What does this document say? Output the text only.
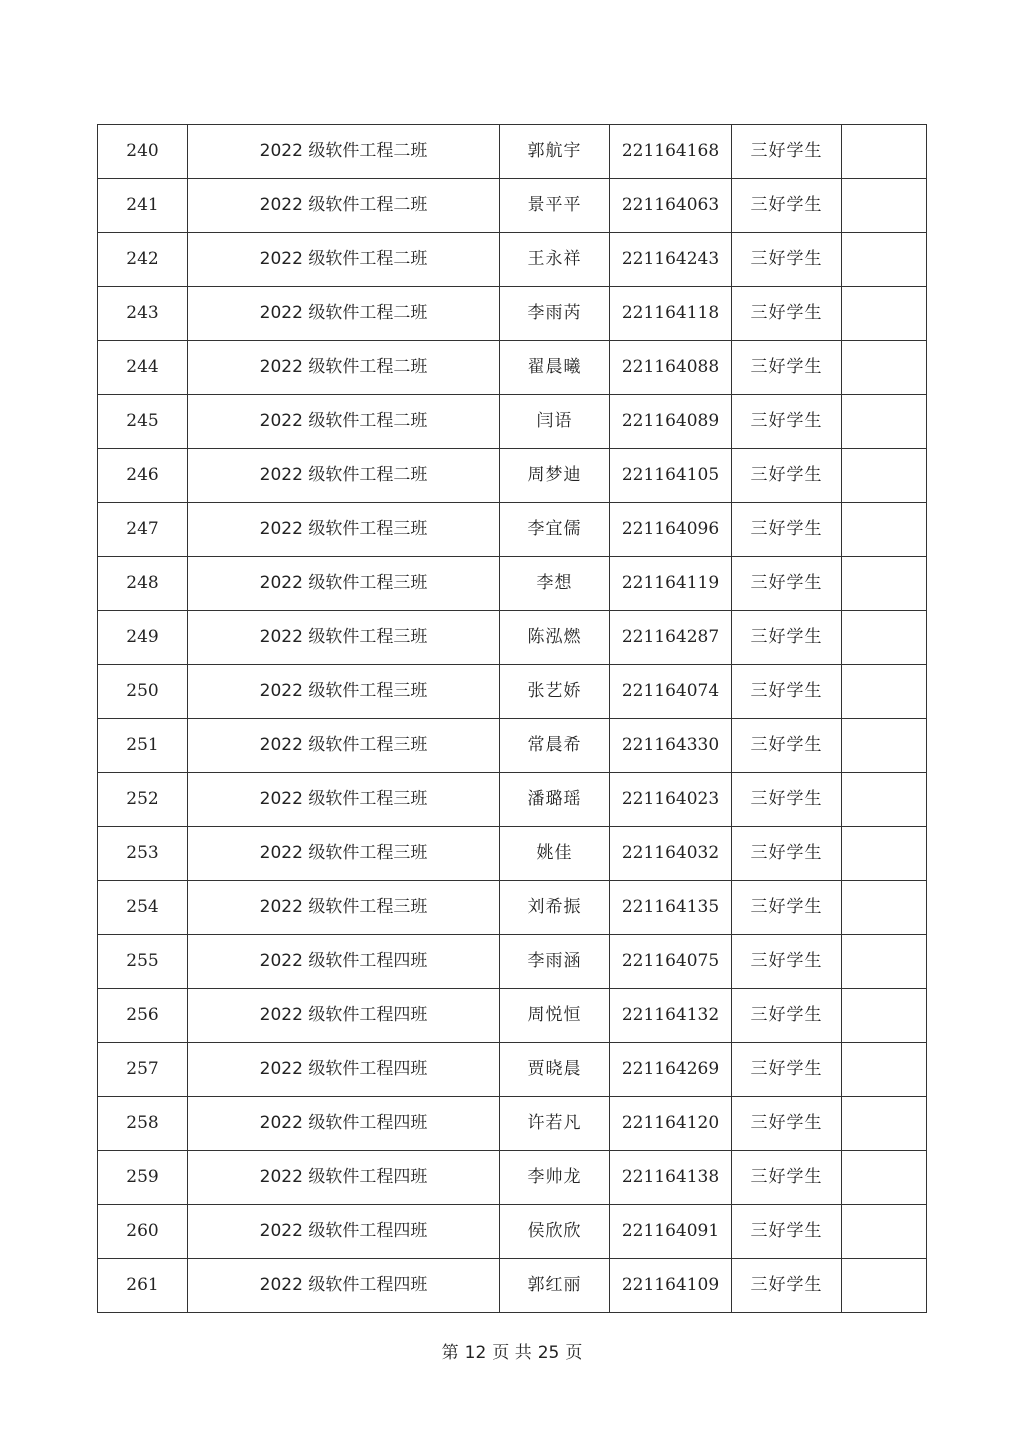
240	2022 级软件工程二班	郭航宇	221164168	三好学生	
241	2022 级软件工程二班	景平平	221164063	三好学生	
242	2022 级软件工程二班	王永祥	221164243	三好学生	
243	2022 级软件工程二班	李雨芮	221164118	三好学生	
244	2022 级软件工程二班	翟晨曦	221164088	三好学生	
245	2022 级软件工程二班	闫语	221164089	三好学生	
246	2022 级软件工程二班	周梦迪	221164105	三好学生	
247	2022 级软件工程三班	李宜儒	221164096	三好学生	
248	2022 级软件工程三班	李想	221164119	三好学生	
249	2022 级软件工程三班	陈泓燃	221164287	三好学生	
250	2022 级软件工程三班	张艺娇	221164074	三好学生	
251	2022 级软件工程三班	常晨希	221164330	三好学生	
252	2022 级软件工程三班	潘璐瑶	221164023	三好学生	
253	2022 级软件工程三班	姚佳	221164032	三好学生	
254	2022 级软件工程三班	刘希振	221164135	三好学生	
255	2022 级软件工程四班	李雨涵	221164075	三好学生	
256	2022 级软件工程四班	周悦恒	221164132	三好学生	
257	2022 级软件工程四班	贾晓晨	221164269	三好学生	
258	2022 级软件工程四班	许若凡	221164120	三好学生	
259	2022 级软件工程四班	李帅龙	221164138	三好学生	
260	2022 级软件工程四班	侯欣欣	221164091	三好学生	
261	2022 级软件工程四班	郭红丽	221164109	三好学生	
第 12 页 共 25 页
